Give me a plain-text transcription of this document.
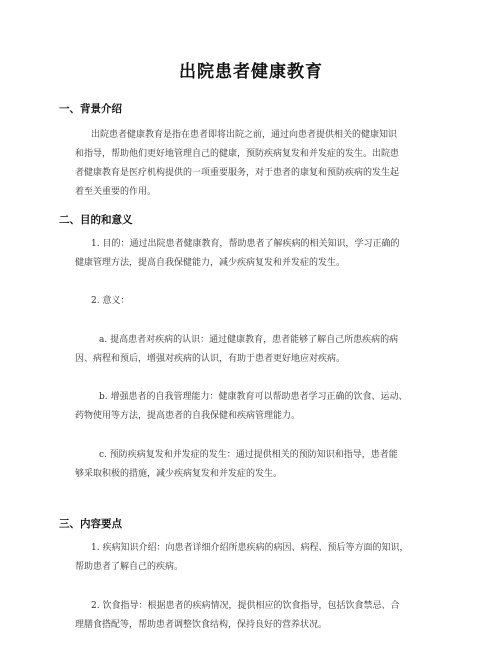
出院患者健康教育
一、背景介绍
出院患者健康教育是指在患者即将出院之前，通过向患者提供相关的健康知识
和指导，帮助他们更好地管理自己的健康，预防疾病复发和并发症的发生。出院患
者健康教育是医疗机构提供的一项重要服务，对于患者的康复和预防疾病的发生起
着至关重要的作用。
二、目的和意义
1. 目的：通过出院患者健康教育，帮助患者了解疾病的相关知识，学习正确的
健康管理方法，提高自我保健能力，减少疾病复发和并发症的发生。
2. 意义：
a. 提高患者对疾病的认识：通过健康教育，患者能够了解自己所患疾病的病
因、病程和预后，增强对疾病的认识，有助于患者更好地应对疾病。
b. 增强患者的自我管理能力：健康教育可以帮助患者学习正确的饮食、运动、
药物使用等方法，提高患者的自我保健和疾病管理能力。
c. 预防疾病复发和并发症的发生：通过提供相关的预防知识和指导，患者能
够采取积极的措施，减少疾病复发和并发症的发生。
三、内容要点
1. 疾病知识介绍：向患者详细介绍所患疾病的病因、病程、预后等方面的知识，
帮助患者了解自己的疾病。
2. 饮食指导：根据患者的疾病情况，提供相应的饮食指导，包括饮食禁忌、合
理膳食搭配等，帮助患者调整饮食结构，保持良好的营养状况。
